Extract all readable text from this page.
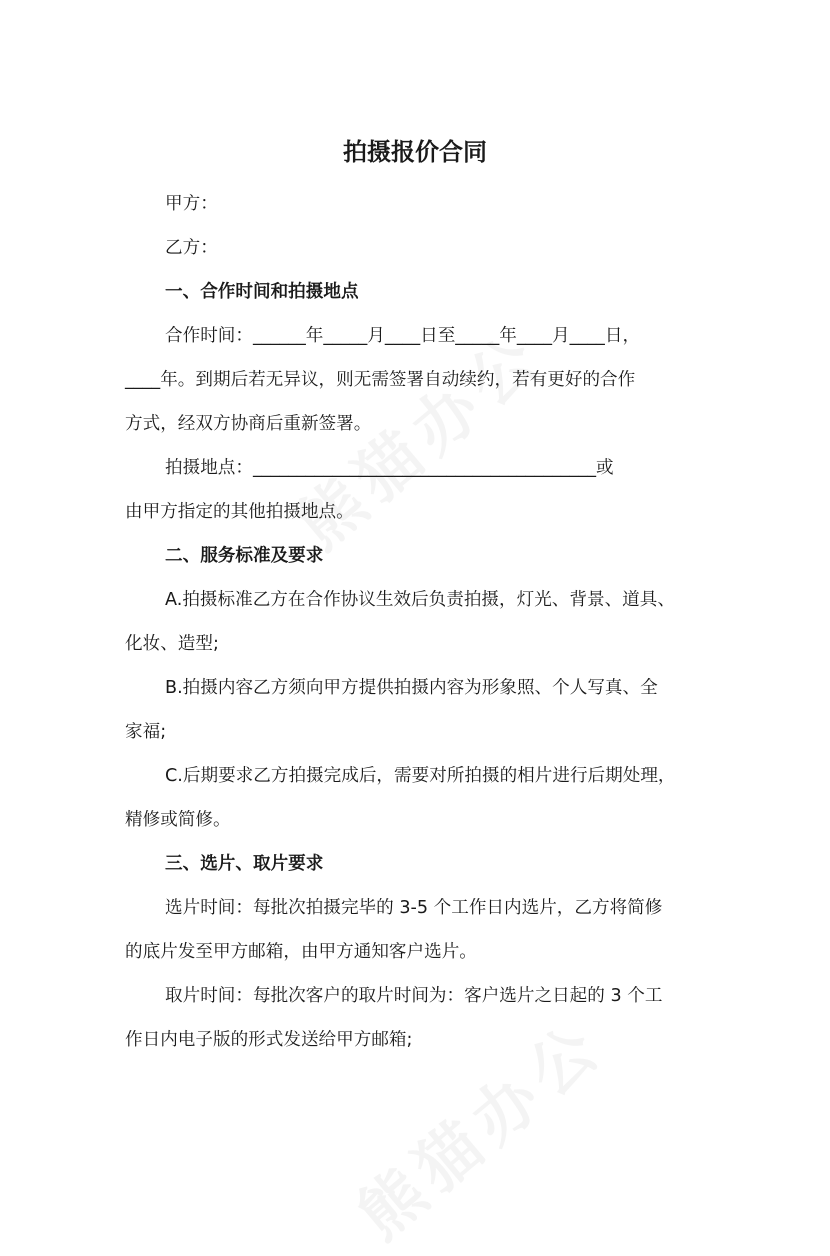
拍摄报价合同

甲方：

乙方：

一、合作时间和拍摄地点

合作时间：______年_____月____日至_____年____月____日，

____年。到期后若无异议，则无需签署自动续约，若有更好的合作

方式，经双方协商后重新签署。

拍摄地点：_______________________________________或

由甲方指定的其他拍摄地点。

二、服务标准及要求

A.拍摄标准乙方在合作协议生效后负责拍摄，灯光、背景、道具、

化妆、造型;

B.拍摄内容乙方须向甲方提供拍摄内容为形象照、个人写真、全

家福;

C.后期要求乙方拍摄完成后，需要对所拍摄的相片进行后期处理，

精修或简修。

三、选片、取片要求

选片时间：每批次拍摄完毕的 3-5 个工作日内选片，乙方将简修

的底片发至甲方邮箱，由甲方通知客户选片。

取片时间：每批次客户的取片时间为：客户选片之日起的 3 个工

作日内电子版的形式发送给甲方邮箱;
